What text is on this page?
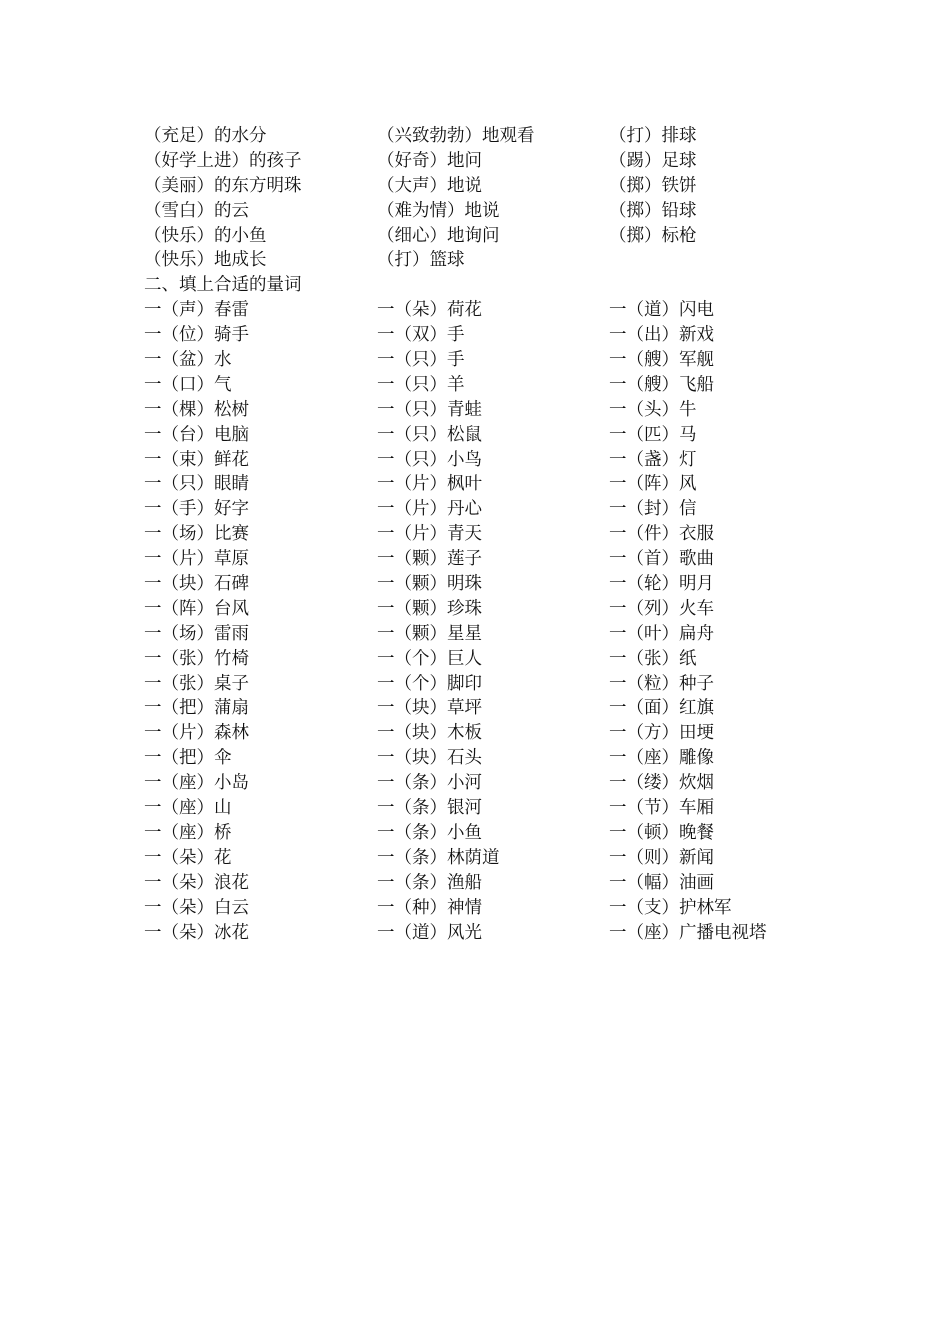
（充足）的水分	（兴致勃勃）地观看	（打）排球
（好学上进）的孩子	（好奇）地问	（踢）足球
（美丽）的东方明珠	（大声）地说	（掷）铁饼
（雪白）的云	（难为情）地说	（掷）铅球
（快乐）的小鱼	（细心）地询问	（掷）标枪
（快乐）地成长	（打）篮球
二、填上合适的量词
一（声）春雷	一（朵）荷花	一（道）闪电
一（位）骑手	一（双）手	一（出）新戏
一（盆）水	一（只）手	一（艘）军舰
一（口）气	一（只）羊	一（艘）飞船
一（棵）松树	一（只）青蛙	一（头）牛
一（台）电脑	一（只）松鼠	一（匹）马
一（束）鲜花	一（只）小鸟	一（盏）灯
一（只）眼睛	一（片）枫叶	一（阵）风
一（手）好字	一（片）丹心	一（封）信
一（场）比赛	一（片）青天	一（件）衣服
一（片）草原	一（颗）莲子	一（首）歌曲
一（块）石碑	一（颗）明珠	一（轮）明月
一（阵）台风	一（颗）珍珠	一（列）火车
一（场）雷雨	一（颗）星星	一（叶）扁舟
一（张）竹椅	一（个）巨人	一（张）纸
一（张）桌子	一（个）脚印	一（粒）种子
一（把）蒲扇	一（块）草坪	一（面）红旗
一（片）森林	一（块）木板	一（方）田埂
一（把）伞	一（块）石头	一（座）雕像
一（座）小岛	一（条）小河	一（缕）炊烟
一（座）山	一（条）银河	一（节）车厢
一（座）桥	一（条）小鱼	一（顿）晚餐
一（朵）花	一（条）林荫道	一（则）新闻
一（朵）浪花	一（条）渔船	一（幅）油画
一（朵）白云	一（种）神情	一（支）护林军
一（朵）冰花	一（道）风光	一（座）广播电视塔
